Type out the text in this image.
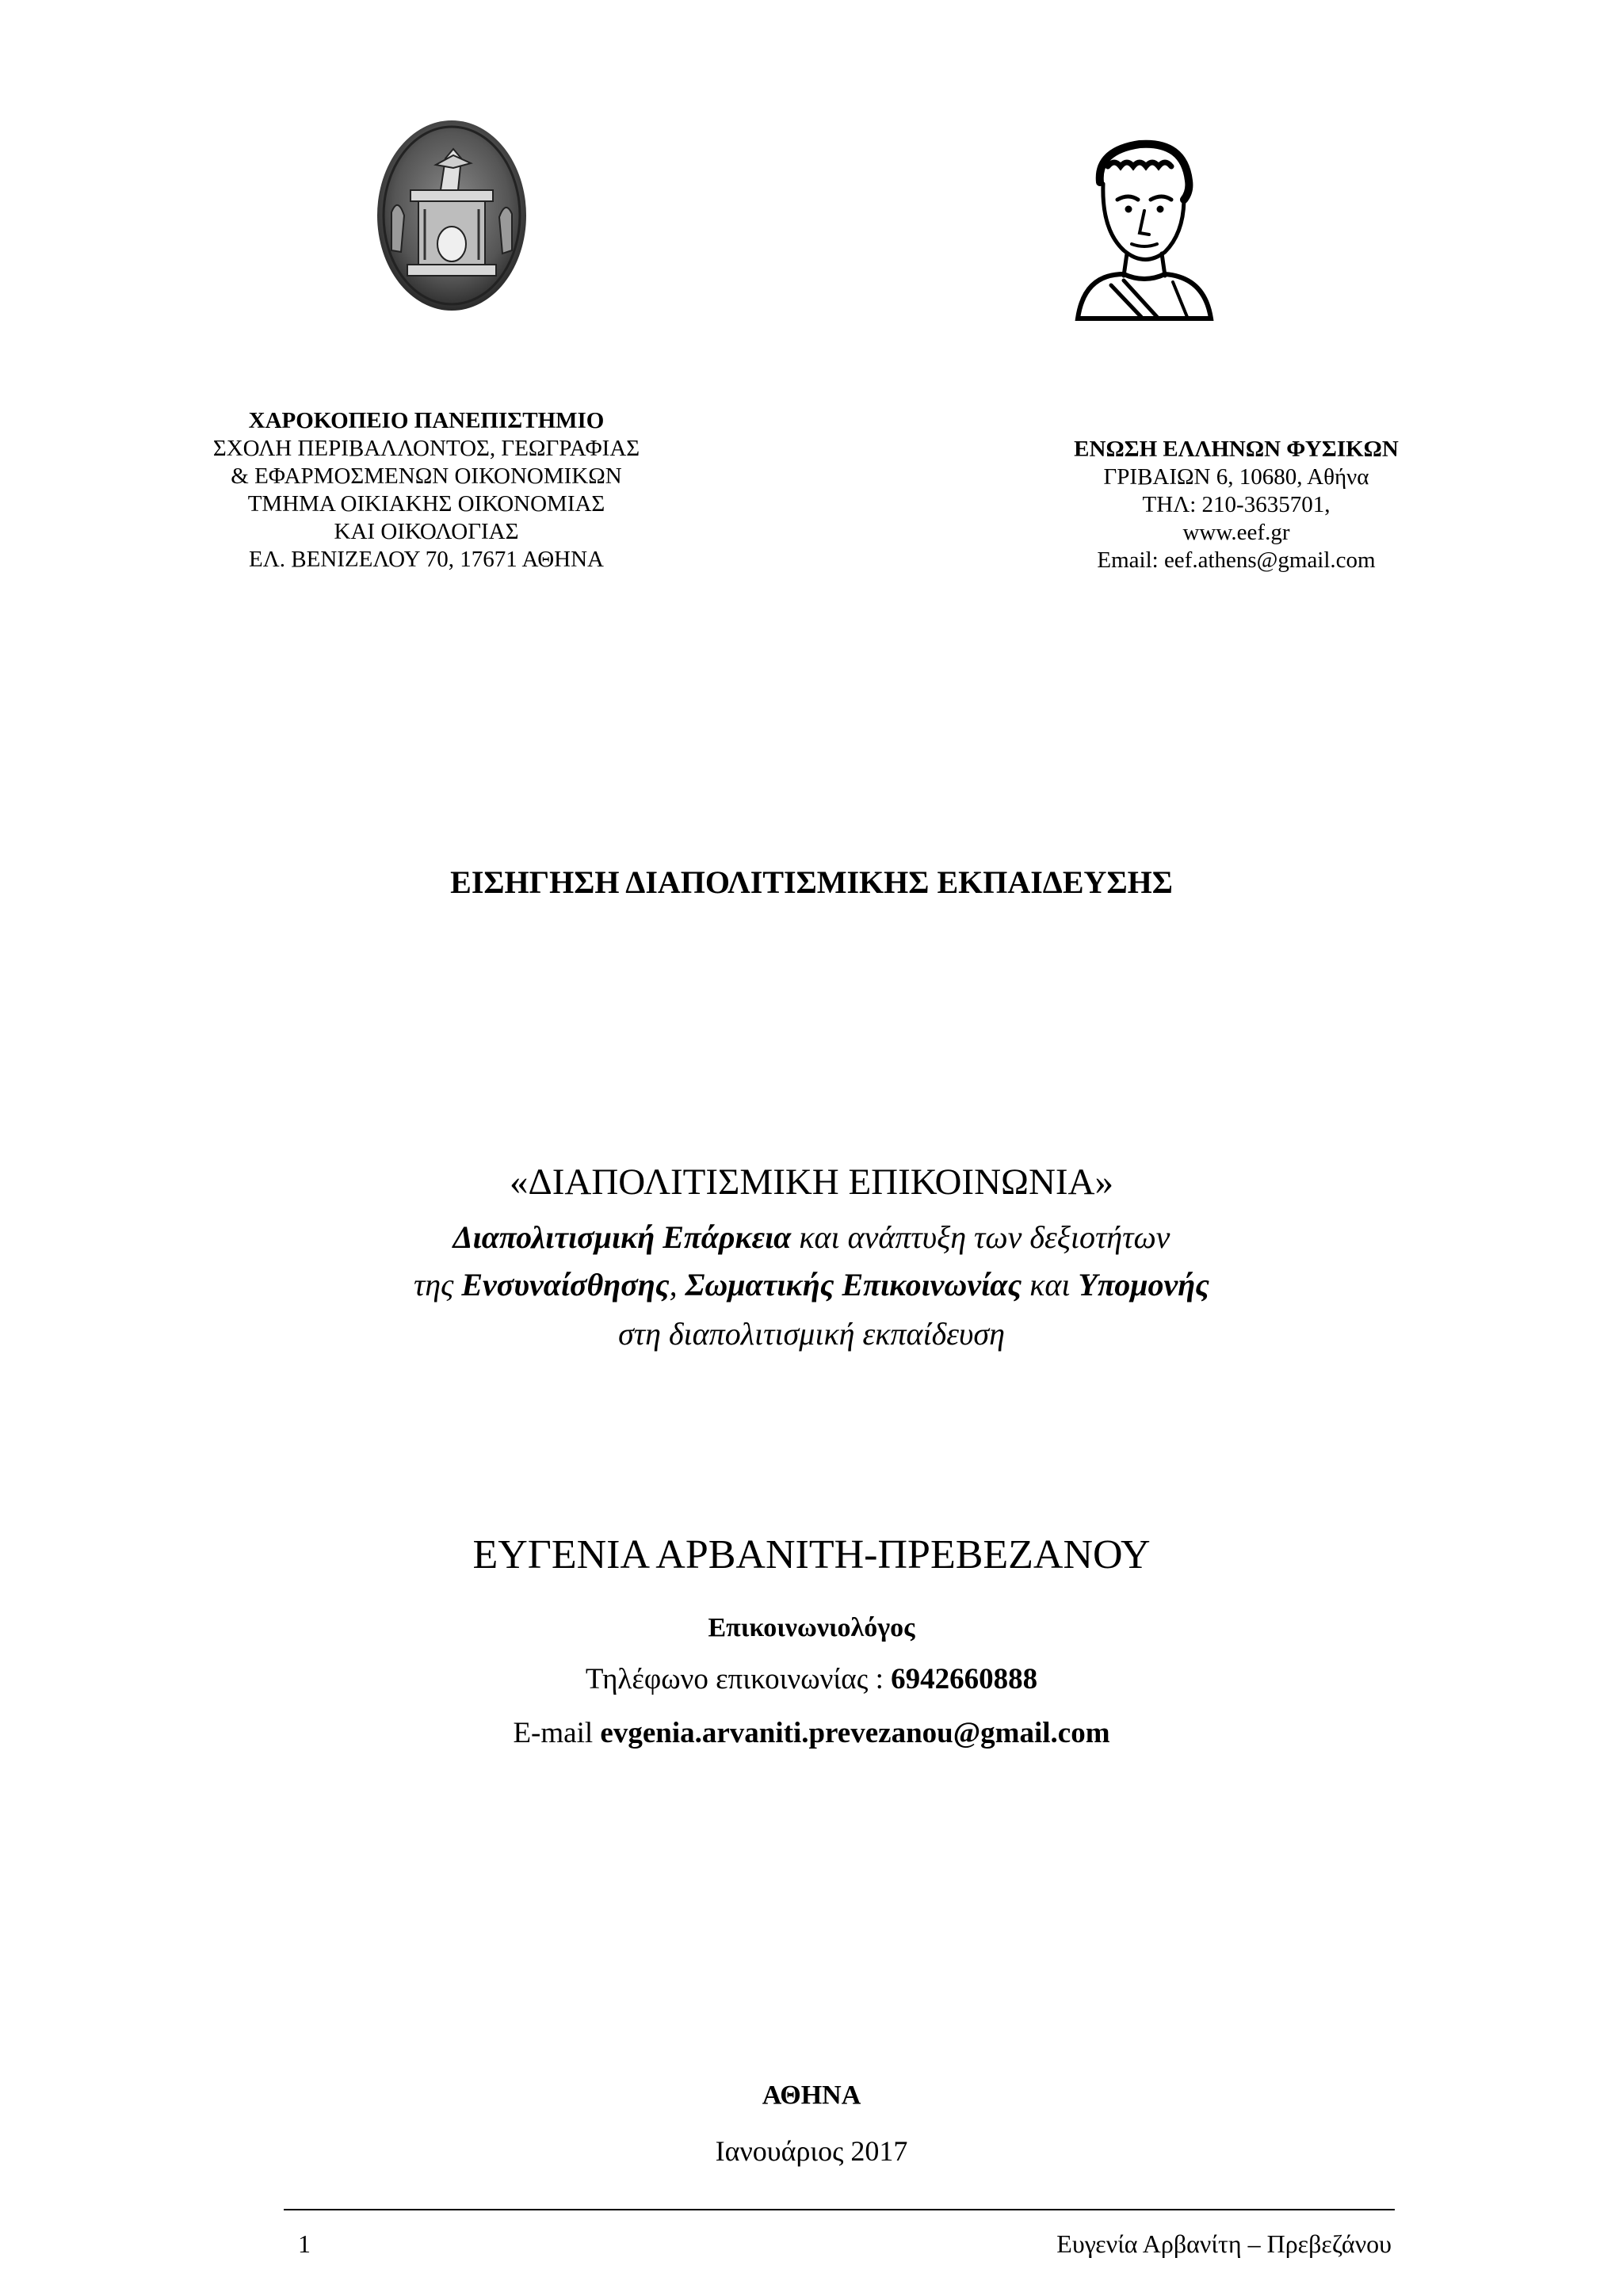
ΧΑΡΟΚΟΠΕΙΟ ΠΑΝΕΠΙΣΤΗΜΙΟ
ΣΧΟΛΗ ΠΕΡΙΒΑΛΛΟΝΤΟΣ, ΓΕΩΓΡΑΦΙΑΣ
& ΕΦΑΡΜΟΣΜΕΝΩΝ ΟΙΚΟΝΟΜΙΚΩΝ
ΤΜΗΜΑ ΟΙΚΙΑΚΗΣ ΟΙΚΟΝΟΜΙΑΣ
ΚΑΙ ΟΙΚΟΛΟΓΙΑΣ
ΕΛ. ΒΕΝΙΖΕΛΟΥ 70, 17671 ΑΘΗΝΑ
ΕΝΩΣΗ ΕΛΛΗΝΩΝ ΦΥΣΙΚΩΝ
ΓΡΙΒΑΙΩΝ 6, 10680, Αθήνα
ΤΗΛ: 210-3635701,
www.eef.gr
Email: eef.athens@gmail.com
ΕΙΣΗΓΗΣΗ ΔΙΑΠΟΛΙΤΙΣΜΙΚΗΣ ΕΚΠΑΙΔΕΥΣΗΣ
«ΔΙΑΠΟΛΙΤΙΣΜΙΚΗ ΕΠΙΚΟΙΝΩΝΙΑ»
Διαπολιτισμική Επάρκεια και ανάπτυξη των δεξιοτήτων
της Ενσυναίσθησης, Σωματικής Επικοινωνίας και Υπομονής
στη διαπολιτισμική εκπαίδευση
ΕΥΓΕΝΙΑ ΑΡΒΑΝΙΤΗ-ΠΡΕΒΕΖΑΝΟΥ
Επικοινωνιολόγος
Τηλέφωνο επικοινωνίας : 6942660888
E-mail evgenia.arvaniti.prevezanou@gmail.com
ΑΘΗΝΑ
Ιανουάριος 2017
1	Ευγενία Αρβανίτη – Πρεβεζάνου
